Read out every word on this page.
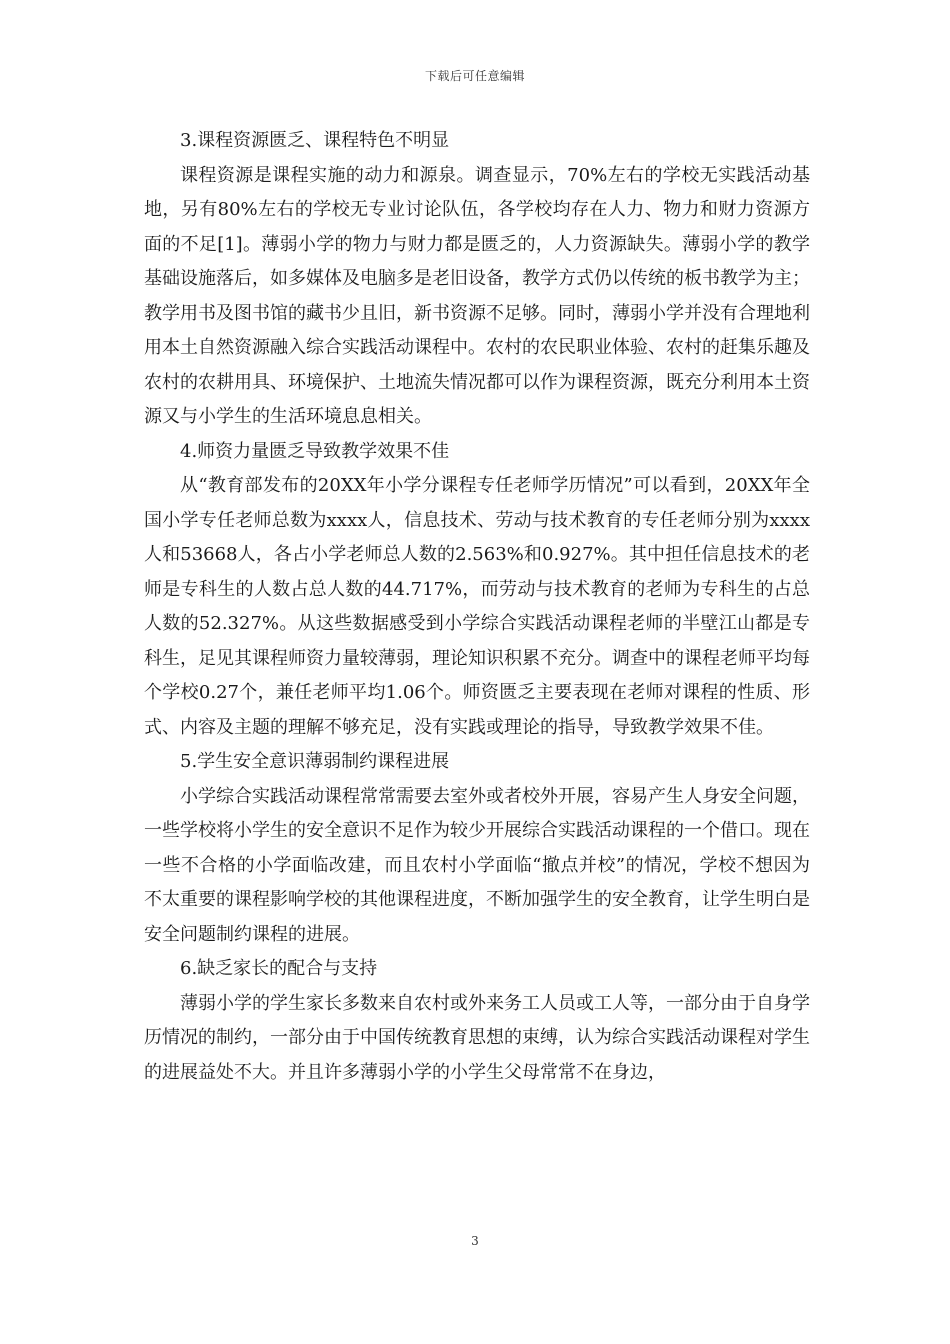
下载后可任意编辑

3.课程资源匮乏、课程特色不明显

课程资源是课程实施的动力和源泉。调查显示，70%左右的学校无实践活动基地，另有80%左右的学校无专业讨论队伍，各学校均存在人力、物力和财力资源方面的不足[1]。薄弱小学的物力与财力都是匮乏的，人力资源缺失。薄弱小学的教学基础设施落后，如多媒体及电脑多是老旧设备，教学方式仍以传统的板书教学为主；教学用书及图书馆的藏书少且旧，新书资源不足够。同时，薄弱小学并没有合理地利用本土自然资源融入综合实践活动课程中。农村的农民职业体验、农村的赶集乐趣及农村的农耕用具、环境保护、土地流失情况都可以作为课程资源，既充分利用本土资源又与小学生的生活环境息息相关。

4.师资力量匮乏导致教学效果不佳

从“教育部发布的20XX年小学分课程专任老师学历情况”可以看到，20XX年全国小学专任老师总数为xxxx人，信息技术、劳动与技术教育的专任老师分别为xxxx人和53668人，各占小学老师总人数的2.563%和0.927%。其中担任信息技术的老师是专科生的人数占总人数的44.717%，而劳动与技术教育的老师为专科生的占总人数的52.327%。从这些数据感受到小学综合实践活动课程老师的半壁江山都是专科生，足见其课程师资力量较薄弱，理论知识积累不充分。调查中的课程老师平均每个学校0.27个，兼任老师平均1.06个。师资匮乏主要表现在老师对课程的性质、形式、内容及主题的理解不够充足，没有实践或理论的指导，导致教学效果不佳。

5.学生安全意识薄弱制约课程进展

小学综合实践活动课程常常需要去室外或者校外开展，容易产生人身安全问题，一些学校将小学生的安全意识不足作为较少开展综合实践活动课程的一个借口。现在一些不合格的小学面临改建，而且农村小学面临“撤点并校”的情况，学校不想因为不太重要的课程影响学校的其他课程进度，不断加强学生的安全教育，让学生明白是安全问题制约课程的进展。

6.缺乏家长的配合与支持

薄弱小学的学生家长多数来自农村或外来务工人员或工人等，一部分由于自身学历情况的制约，一部分由于中国传统教育思想的束缚，认为综合实践活动课程对学生的进展益处不大。并且许多薄弱小学的小学生父母常常不在身边，

3
